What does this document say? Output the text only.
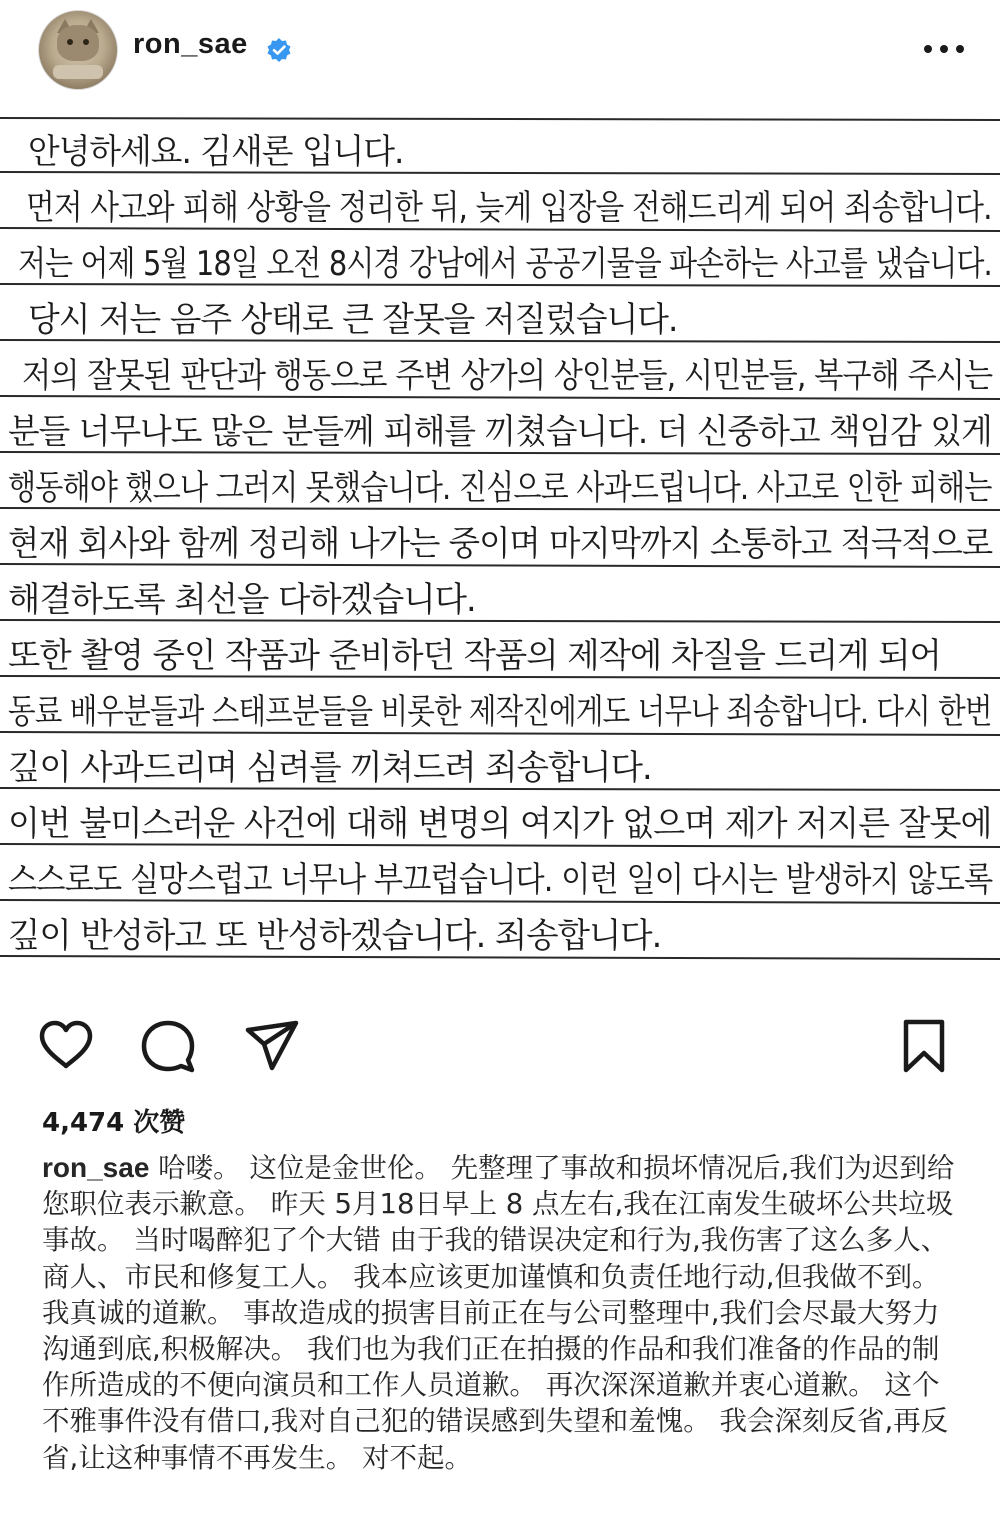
ron_sae
안녕하세요. 김새론 입니다.
먼저 사고와 피해 상황을 정리한 뒤, 늦게 입장을 전해드리게 되어 죄송합니다.
저는 어제 5월 18일 오전 8시경 강남에서 공공기물을 파손하는 사고를 냈습니다.
당시 저는 음주 상태로 큰 잘못을 저질렀습니다.
저의 잘못된 판단과 행동으로 주변 상가의 상인분들, 시민분들, 복구해 주시는
분들 너무나도 많은 분들께 피해를 끼쳤습니다. 더 신중하고 책임감 있게
행동해야 했으나 그러지 못했습니다. 진심으로 사과드립니다. 사고로 인한 피해는
현재 회사와 함께 정리해 나가는 중이며 마지막까지 소통하고 적극적으로
해결하도록 최선을 다하겠습니다.
또한 촬영 중인 작품과 준비하던 작품의 제작에 차질을 드리게 되어
동료 배우분들과 스태프분들을 비롯한 제작진에게도 너무나 죄송합니다. 다시 한번
깊이 사과드리며 심려를 끼쳐드려 죄송합니다.
이번 불미스러운 사건에 대해 변명의 여지가 없으며 제가 저지른 잘못에
스스로도 실망스럽고 너무나 부끄럽습니다. 이런 일이 다시는 발생하지 않도록
깊이 반성하고 또 반성하겠습니다. 죄송합니다.
4,474 次赞
ron_sae 哈喽。 这位是金世伦。 先整理了事故和损坏情况后,我们为迟到给您职位表示歉意。 昨天 5月18日早上 8 点左右,我在江南发生破坏公共垃圾事故。 当时喝醉犯了个大错 由于我的错误决定和行为,我伤害了这么多人、商人、市民和修复工人。 我本应该更加谨慎和负责任地行动,但我做不到。 我真诚的道歉。 事故造成的损害目前正在与公司整理中,我们会尽最大努力沟通到底,积极解决。 我们也为我们正在拍摄的作品和我们准备的作品的制作所造成的不便向演员和工作人员道歉。 再次深深道歉并衷心道歉。 这个不雅事件没有借口,我对自己犯的错误感到失望和羞愧。 我会深刻反省,再反省,让这种事情不再发生。 对不起。
